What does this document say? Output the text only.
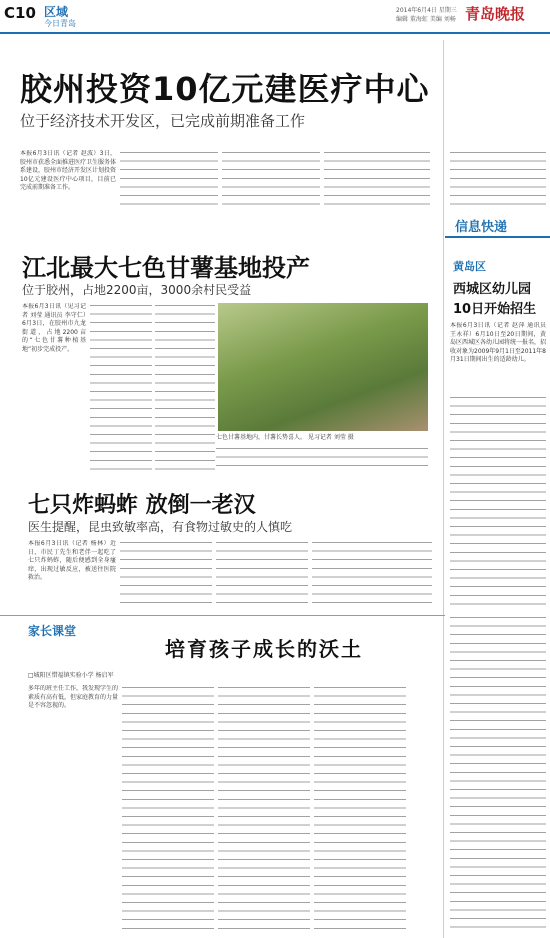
C10 区域
今日青岛
2014年6月4日 星期三
编辑 董海虹 美编 刘畅 青岛晚报
胶州投资10亿元建医疗中心
位于经济技术开发区，已完成前期准备工作
本报6月3日讯（记者 赵波）3日，胶州市获悉全面推进医疗卫生服务体系建设，胶州市经济开发区计划投资10亿元建设医疗中心项目，目前已完成前期准备工作。
信息快递
黄岛区
西城区幼儿园
10日开始招生
本报6月3日讯（记者 赵萍 通讯员 王永祥）6月10日至20日期间，黄岛区西城区各幼儿园将统一报名，招收对象为2009年9月1日至2011年8月31日期间出生的适龄幼儿。
江北最大七色甘薯基地投产
位于胶州，占地2200亩，3000余村民受益
本报6月3日讯（见习记者 刘莹 通讯员 李守仁）6月3日，在胶州市九龙街道，占地2200亩的“七色甘薯种植基地”初步完成投产。
七色甘薯基地内，甘薯长势喜人。 见习记者 刘莹 摄
七只炸蚂蚱 放倒一老汉
医生提醒，昆虫致敏率高，有食物过敏史的人慎吃
本报6月3日讯（记者 杨林）近日，市民丁先生和老伴一起吃了七只炸蚂蚱，随后便感到全身瘙痒，出现过敏反应，被送往医院救治。
家长课堂
培育孩子成长的沃土
□城阳区惜福镇实验小学 杨启军
多年的班主任工作，我发现学生的素质有高有低，但家庭教育的力量是不容忽视的。
